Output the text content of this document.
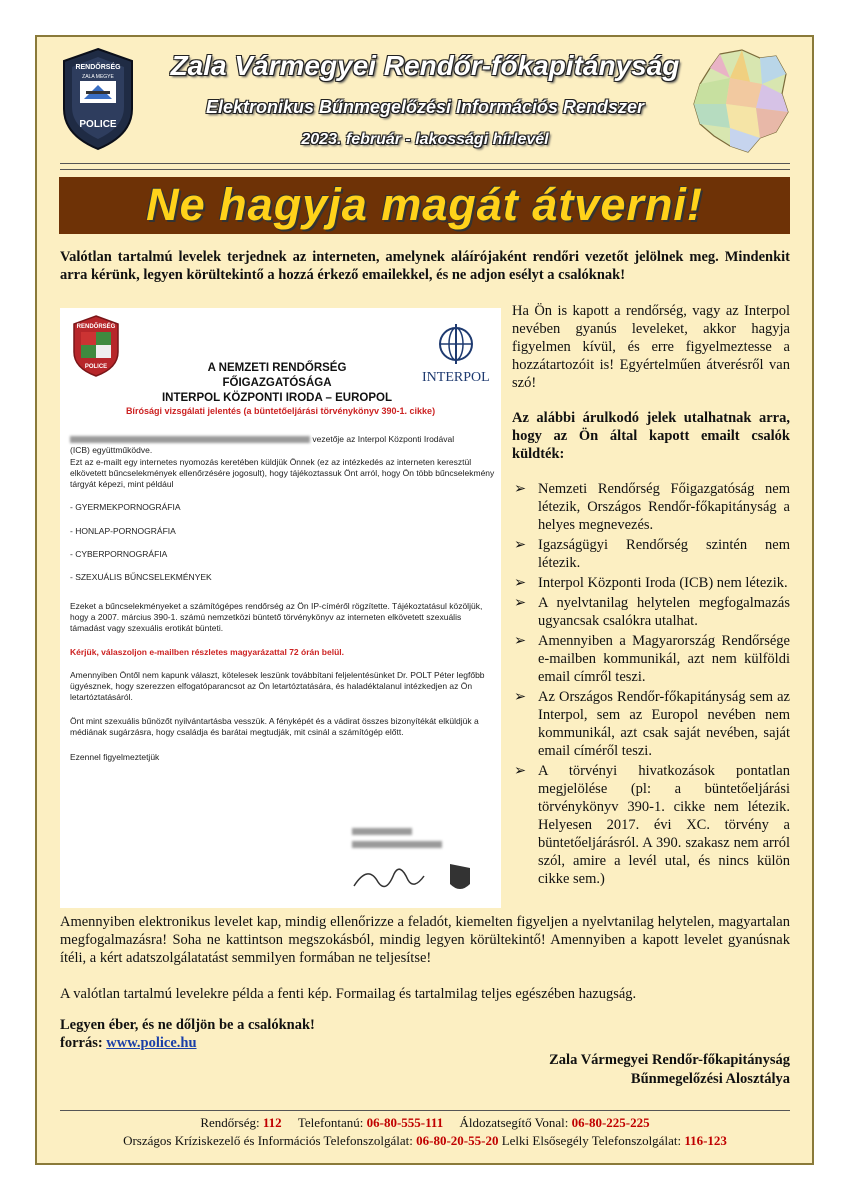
RENDŐRSÉG
ZALA MEGYE
POLICE
Zala Vármegyei Rendőr-főkapitányság
Elektronikus Bűnmegelőzési Információs Rendszer
2023. február - lakossági hírlevél
Ne hagyja magát átverni!
Valótlan tartalmú levelek terjednek az interneten, amelynek aláírójaként rendőri vezetőt jelölnek meg. Mindenkit arra kérünk, legyen körültekintő a hozzá érkező emailekkel, és ne adjon esélyt a csalóknak!
RENDŐRSÉG
POLICE	A NEMZETI RENDŐRSÉG FŐIGAZGATÓSÁGA
INTERPOL KÖZPONTI IRODA – EUROPOL
INTERPOL
Bírósági vizsgálati jelentés (a büntetőeljárási törvénykönyv 390-1. cikke)
vezetője az Interpol Központi Irodával
(ICB) együttműködve.
Ezt az e-mailt egy internetes nyomozás keretében küldjük Önnek (ez az intézkedés az interneten keresztül elkövetett bűncselekmények ellenőrzésére jogosult), hogy tájékoztassuk Önt arról, hogy Ön több bűncselekmény tárgyát képezi, mint például
- GYERMEKPORNOGRÁFIA
- HONLAP-PORNOGRÁFIA
- CYBERPORNOGRÁFIA
- SZEXUÁLIS BŰNCSELEKMÉNYEK
Ezeket a bűncselekményeket a számítógépes rendőrség az Ön IP-címéről rögzítette. Tájékoztatásul közöljük, hogy a 2007. március 390-1. számú nemzetközi büntető törvénykönyv az interneten elkövetett szexuális támadást vagy szexuális erotikát bünteti.
Kérjük, válaszoljon e-mailben részletes magyarázattal 72 órán belül.
Amennyiben Öntől nem kapunk választ, kötelesek leszünk továbbítani feljelentésünket Dr. POLT Péter legfőbb ügyésznek, hogy szerezzen elfogatóparancsot az Ön letartóztatására, és haladéktalanul intézkedjen az Ön letartóztatásáról.
Önt mint szexuális bűnözőt nyilvántartásba vesszük. A fényképét és a vádirat összes bizonyítékát elküldjük a médiának sugárzásra, hogy családja és barátai megtudják, mit csinál a számítógép előtt.
Ezennel figyelmeztetjük

Ha Ön is kapott a rendőrség, vagy az Interpol nevében gyanús leveleket, akkor hagyja figyelmen kívül, és erre figyelmeztesse a hozzátartozóit is! Egyértelműen átverésről van szó!

Az alábbi árulkodó jelek utalhatnak arra, hogy az Ön által kapott emailt csalók küldték:

➢ Nemzeti Rendőrség Főigazgatóság nem létezik, Országos Rendőr-főkapitányság a helyes megnevezés.
➢ Igazságügyi Rendőrség szintén nem létezik.
➢ Interpol Központi Iroda (ICB) nem létezik.
➢ A nyelvtanilag helytelen megfogalmazás ugyancsak csalókra utalhat.
➢ Amennyiben a Magyarország Rendőrsége e-mailben kommunikál, azt nem külföldi email címről teszi.
➢ Az Országos Rendőr-főkapitányság sem az Interpol, sem az Europol nevében nem kommunikál, azt csak saját nevében, saját email címéről teszi.
➢ A törvényi hivatkozások pontatlan megjelölése (pl: a büntetőeljárási törvénykönyv 390-1. cikke nem létezik. Helyesen 2017. évi XC. törvény a büntetőeljárásról. A 390. szakasz nem arról szól, amire a levél utal, és nincs külön cikke sem.)
Amennyiben elektronikus levelet kap, mindig ellenőrizze a feladót, kiemelten figyeljen a nyelvtanilag helytelen, magyartalan megfogalmazásra! Soha ne kattintson megszokásból, mindig legyen körültekintő! Amennyiben a kapott levelet gyanúsnak ítéli, a kért adatszolgálatatást semmilyen formában ne teljesítse!
A valótlan tartalmú levelekre példa a fenti kép. Formailag és tartalmilag teljes egészében hazugság.
Legyen éber, és ne dőljön be a csalóknak!
forrás: www.police.hu
Zala Vármegyei Rendőr-főkapitányság
Bűnmegelőzési Alosztálya
Rendőrség: 112 Telefontanú: 06-80-555-111 Áldozatsegítő Vonal: 06-80-225-225
Országos Kríziskezelő és Információs Telefonszolgálat: 06-80-20-55-20 Lelki Elsősegély Telefonszolgálat: 116-123
